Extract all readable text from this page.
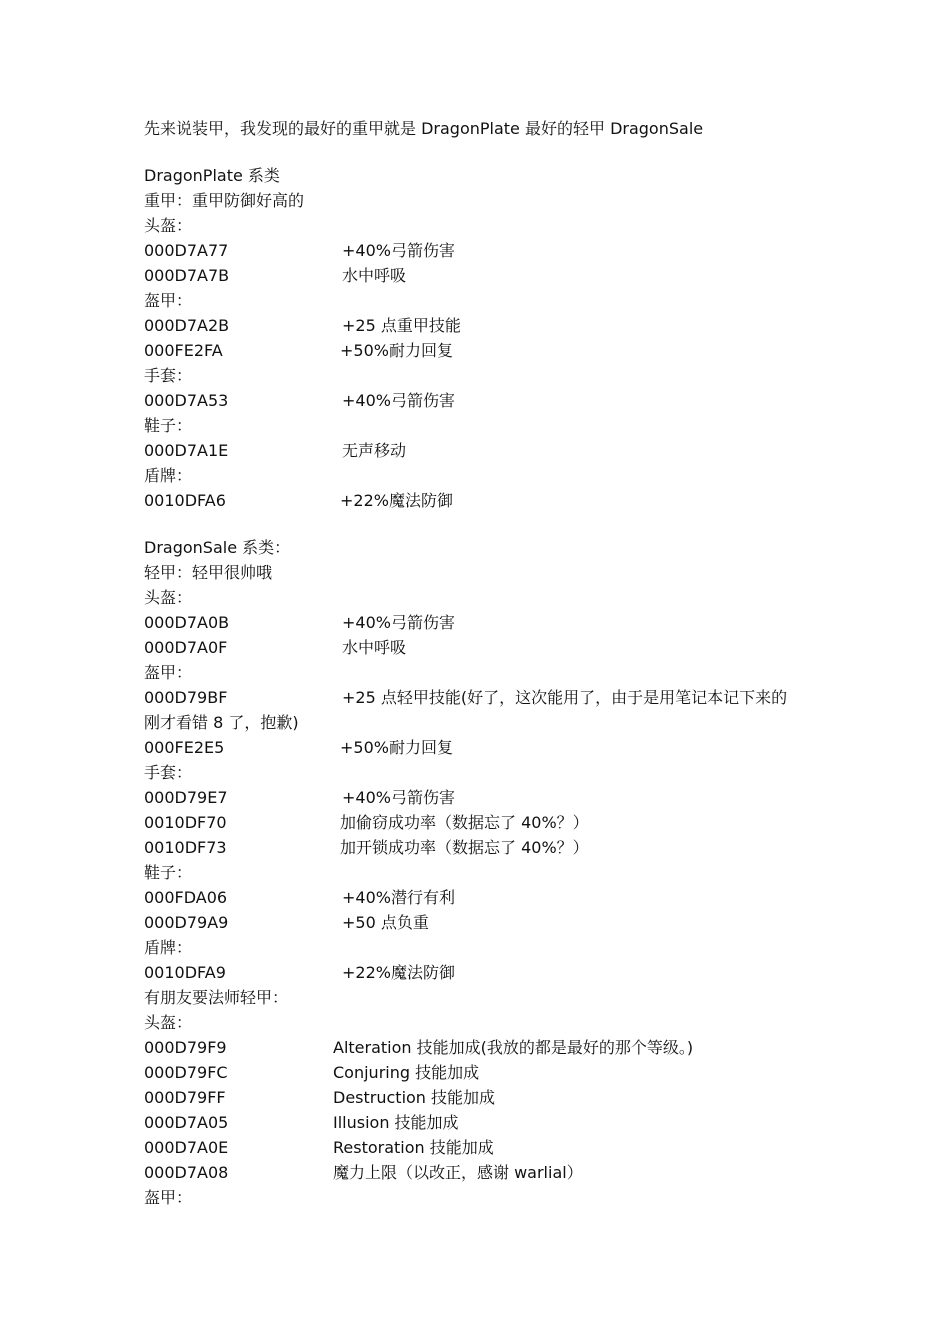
先来说装甲，我发现的最好的重甲就是 DragonPlate 最好的轻甲 DragonSale
DragonPlate 系类
重甲：重甲防御好高的
头盔：
000D7A77	+40%弓箭伤害
000D7A7B	水中呼吸
盔甲：
000D7A2B	+25 点重甲技能
000FE2FA	+50%耐力回复
手套：
000D7A53	+40%弓箭伤害
鞋子：
000D7A1E	无声移动
盾牌：
0010DFA6	+22%魔法防御
DragonSale 系类：
轻甲：轻甲很帅哦
头盔：
000D7A0B	+40%弓箭伤害
000D7A0F	水中呼吸
盔甲：
000D79BF	+25 点轻甲技能(好了，这次能用了，由于是用笔记本记下来的
刚才看错 8 了，抱歉)
000FE2E5	+50%耐力回复
手套：
000D79E7	+40%弓箭伤害
0010DF70	加偷窃成功率（数据忘了 40%？）
0010DF73	加开锁成功率（数据忘了 40%？）
鞋子：
000FDA06	+40%潜行有利
000D79A9	+50 点负重
盾牌：
0010DFA9	+22%魔法防御
有朋友要法师轻甲：
头盔：
000D79F9	Alteration 技能加成(我放的都是最好的那个等级。)
000D79FC	Conjuring 技能加成
000D79FF	Destruction 技能加成
000D7A05	Illusion 技能加成
000D7A0E	Restoration 技能加成
000D7A08	魔力上限（以改正，感谢 warlial）
盔甲：
